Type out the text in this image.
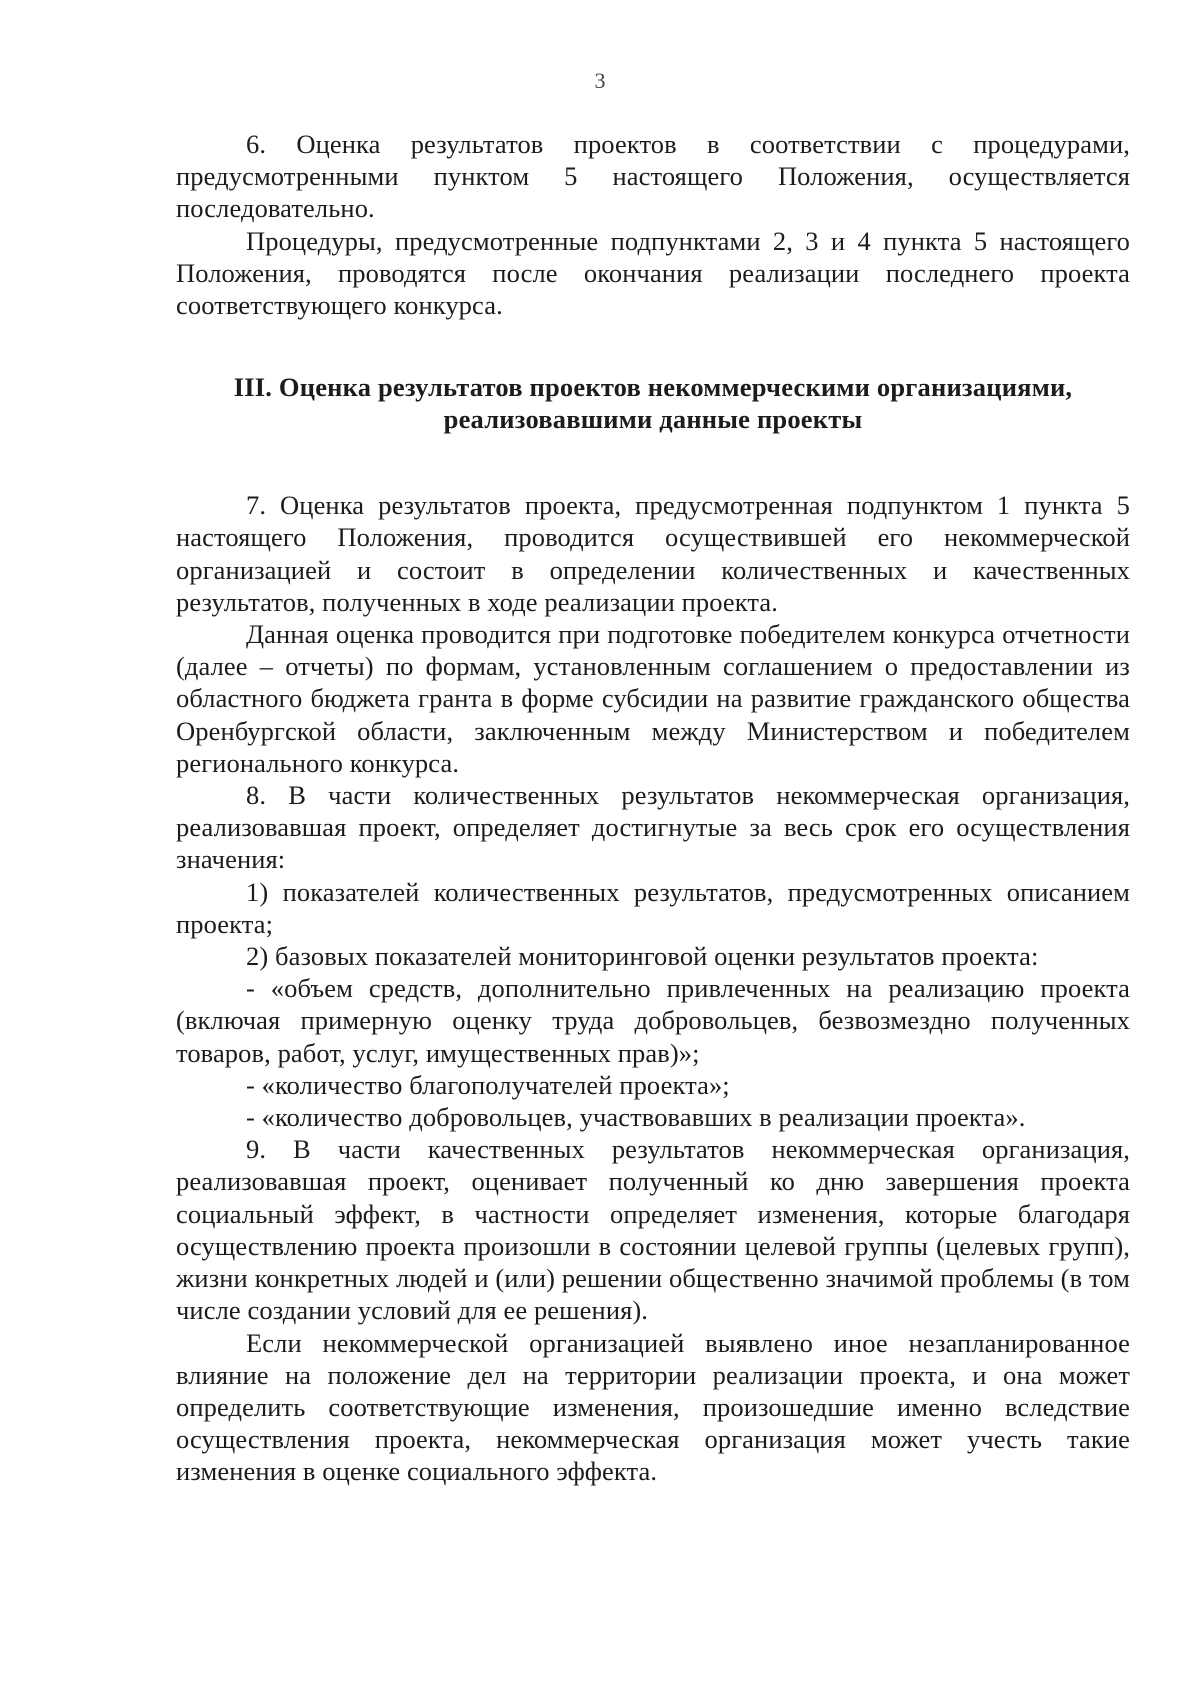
3

6. Оценка результатов проектов в соответствии с процедурами, предусмотренными пунктом 5 настоящего Положения, осуществляется последовательно.

Процедуры, предусмотренные подпунктами 2, 3 и 4 пункта 5 настоящего Положения, проводятся после окончания реализации последнего проекта соответствующего конкурса.

III. Оценка результатов проектов некоммерческими организациями, реализовавшими данные проекты

7. Оценка результатов проекта, предусмотренная подпунктом 1 пункта 5 настоящего Положения, проводится осуществившей его некоммерческой организацией и состоит в определении количественных и качественных результатов, полученных в ходе реализации проекта.

Данная оценка проводится при подготовке победителем конкурса отчетности (далее – отчеты) по формам, установленным соглашением о предоставлении из областного бюджета гранта в форме субсидии на развитие гражданского общества Оренбургской области, заключенным между Министерством и победителем регионального конкурса.

8. В части количественных результатов некоммерческая организация, реализовавшая проект, определяет достигнутые за весь срок его осуществления значения:

1) показателей количественных результатов, предусмотренных описанием проекта;

2) базовых показателей мониторинговой оценки результатов проекта:

- «объем средств, дополнительно привлеченных на реализацию проекта (включая примерную оценку труда добровольцев, безвозмездно полученных товаров, работ, услуг, имущественных прав)»;

- «количество благополучателей проекта»;

- «количество добровольцев, участвовавших в реализации проекта».

9. В части качественных результатов некоммерческая организация, реализовавшая проект, оценивает полученный ко дню завершения проекта социальный эффект, в частности определяет изменения, которые благодаря осуществлению проекта произошли в состоянии целевой группы (целевых групп), жизни конкретных людей и (или) решении общественно значимой проблемы (в том числе создании условий для ее решения).

Если некоммерческой организацией выявлено иное незапланированное влияние на положение дел на территории реализации проекта, и она может определить соответствующие изменения, произошедшие именно вследствие осуществления проекта, некоммерческая организация может учесть такие изменения в оценке социального эффекта.
